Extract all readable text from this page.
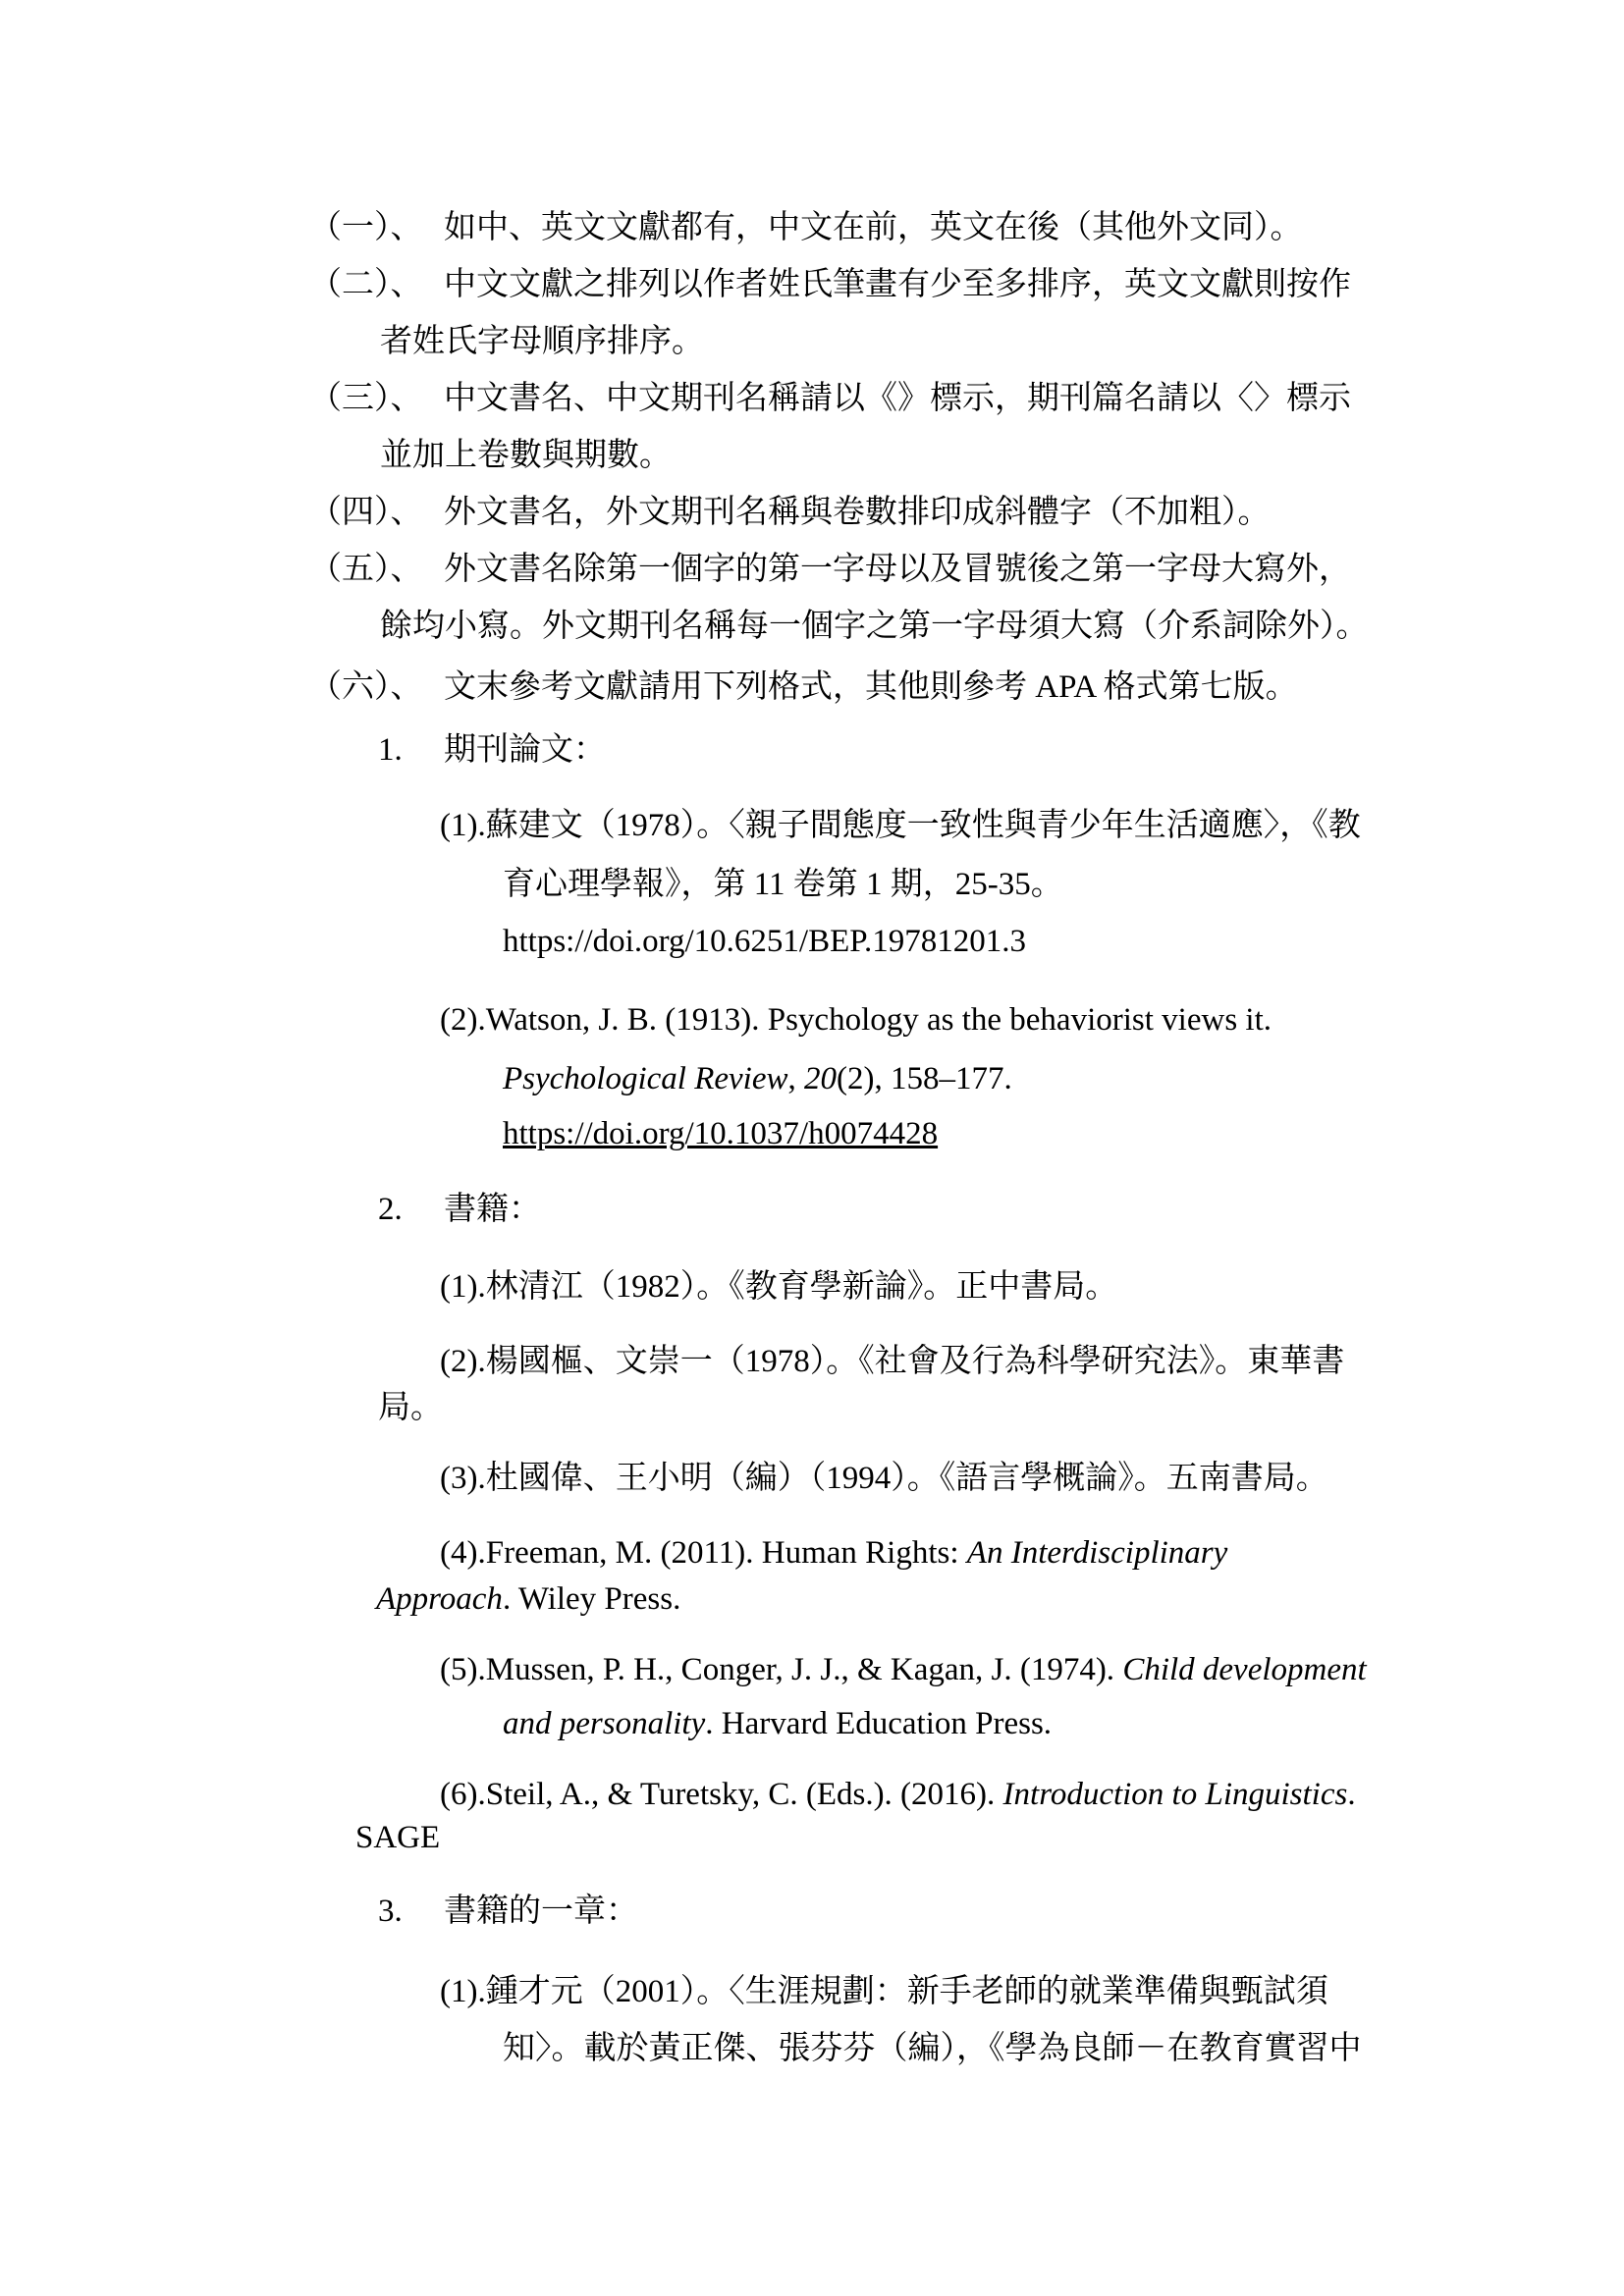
（一）、 如中、英文文獻都有，中文在前，英文在後（其他外文同）。
（二）、 中文文獻之排列以作者姓氏筆畫有少至多排序，英文文獻則按作
者姓氏字母順序排序。
（三）、 中文書名、中文期刊名稱請以《》標示，期刊篇名請以〈〉標示
並加上卷數與期數。
（四）、 外文書名，外文期刊名稱與卷數排印成斜體字（不加粗）。
（五）、 外文書名除第一個字的第一字母以及冒號後之第一字母大寫外，
餘均小寫。外文期刊名稱每一個字之第一字母須大寫（介系詞除外）。
（六）、 文末參考文獻請用下列格式，其他則參考 APA 格式第七版。
1. 期刊論文：
(1).蘇建文（1978）。〈親子間態度一致性與青少年生活適應〉，《教
育心理學報》，第 11 卷第 1 期，25-35。
https://doi.org/10.6251/BEP.19781201.3
(2).Watson, J. B. (1913). Psychology as the behaviorist views it.
Psychological Review, 20(2), 158–177.
https://doi.org/10.1037/h0074428
2. 書籍：
(1).林清江（1982）。《教育學新論》。正中書局。
(2).楊國樞、文崇一（1978）。《社會及行為科學研究法》。東華書
局。
(3).杜國偉、王小明（編）（1994）。《語言學概論》。五南書局。
(4).Freeman, M. (2011). Human Rights: An Interdisciplinary
Approach. Wiley Press.
(5).Mussen, P. H., Conger, J. J., & Kagan, J. (1974). Child development
and personality. Harvard Education Press.
(6).Steil, A., & Turetsky, C. (Eds.). (2016). Introduction to Linguistics.
SAGE
3. 書籍的一章：
(1).鍾才元（2001）。〈生涯規劃：新手老師的就業準備與甄試須
知〉。載於黃正傑、張芬芬（編），《學為良師－在教育實習中
